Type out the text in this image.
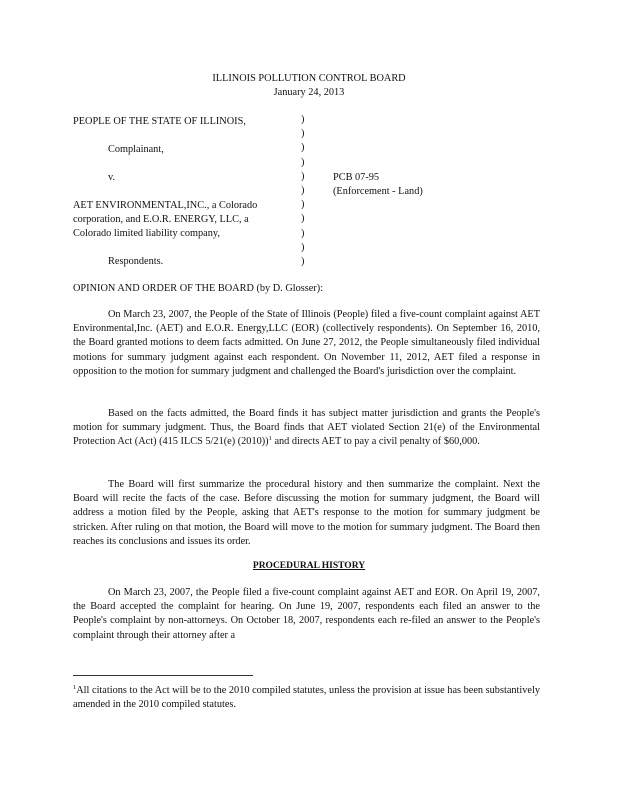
ILLINOIS POLLUTION CONTROL BOARD
January 24, 2013
PEOPLE OF THE STATE OF ILLINOIS,
Complainant,
v.
AET ENVIRONMENTAL,INC., a Colorado
corporation, and E.O.R. ENERGY, LLC, a
Colorado limited liability company,
Respondents.
)
)
)
)
)
)
)
)
)
)
)
PCB 07-95
(Enforcement - Land)
OPINION AND ORDER OF THE BOARD (by D. Glosser):
On March 23, 2007, the People of the State of Illinois (People) filed a five-count complaint against AET Environmental,Inc. (AET) and E.O.R. Energy,LLC (EOR) (collectively respondents). On September 16, 2010, the Board granted motions to deem facts admitted. On June 27, 2012, the People simultaneously filed individual motions for summary judgment against each respondent. On November 11, 2012, AET filed a response in opposition to the motion for summary judgment and challenged the Board's jurisdiction over the complaint.
Based on the facts admitted, the Board finds it has subject matter jurisdiction and grants the People's motion for summary judgment. Thus, the Board finds that AET violated Section 21(e) of the Environmental Protection Act (Act) (415 ILCS 5/21(e) (2010))$^1$ and directs AET to pay a civil penalty of $60,000.
The Board will first summarize the procedural history and then summarize the complaint. Next the Board will recite the facts of the case. Before discussing the motion for summary judgment, the Board will address a motion filed by the People, asking that AET's response to the motion for summary judgment be stricken. After ruling on that motion, the Board will move to the motion for summary judgment. The Board then reaches its conclusions and issues its order.
PROCEDURAL HISTORY
On March 23, 2007, the People filed a five-count complaint against AET and EOR. On April 19, 2007, the Board accepted the complaint for hearing. On June 19, 2007, respondents each filed an answer to the People's complaint by non-attorneys. On October 18, 2007, respondents each re-filed an answer to the People's complaint through their attorney after a
$^1$All citations to the Act will be to the 2010 compiled statutes, unless the provision at issue has been substantively amended in the 2010 compiled statutes.
